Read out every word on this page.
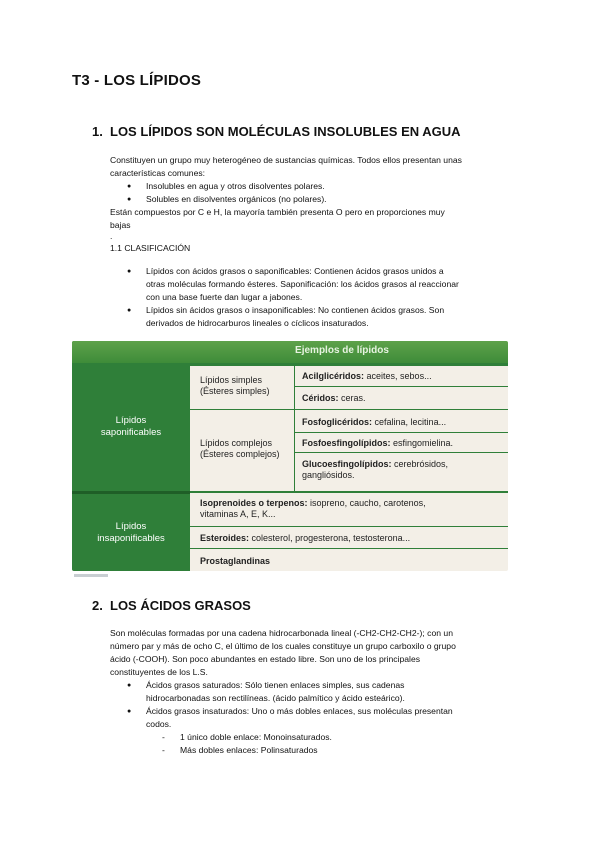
T3 - LOS LÍPIDOS
1. LOS LÍPIDOS SON MOLÉCULAS INSOLUBLES EN AGUA
Constituyen un grupo muy heterogéneo de sustancias químicas. Todos ellos presentan unas
características comunes:
● Insolubles en agua y otros disolventes polares.
● Solubles en disolventes orgánicos (no polares).
Están compuestos por C e H, la mayoría también presenta O pero en proporciones muy
bajas
.
1.1 CLASIFICACIÓN
● Lípidos con ácidos grasos o saponificables: Contienen ácidos grasos unidos a
otras moléculas formando ésteres. Saponificación: los ácidos grasos al reaccionar
con una base fuerte dan lugar a jabones.
● Lípidos sin ácidos grasos o insaponificables: No contienen ácidos grasos. Son
derivados de hidrocarburos lineales o cíclicos insaturados.
Ejemplos de lípidos
Lípidos
saponificables
Lípidos
insaponificables
Lípidos simples
(Ésteres simples)
Lípidos complejos
(Ésteres complejos)
Acilglicéridos: aceites, sebos...
Céridos: ceras.
Fosfoglicéridos: cefalina, lecitina...
Fosfoesfingolípidos: esfingomielina.
Glucoesfingolípidos: cerebrósidos,
gangliósidos.
Isoprenoides o terpenos: isopreno, caucho, carotenos,
vitaminas A, E, K...
Esteroides: colesterol, progesterona, testosterona...
Prostaglandinas
2. LOS ÁCIDOS GRASOS
Son moléculas formadas por una cadena hidrocarbonada lineal (-CH2-CH2-CH2-); con un
número par y más de ocho C, el último de los cuales constituye un grupo carboxilo o grupo
ácido (-COOH). Son poco abundantes en estado libre. Son uno de los principales
constituyentes de los L.S.
● Ácidos grasos saturados: Sólo tienen enlaces simples, sus cadenas
hidrocarbonadas son rectilíneas. (ácido palmítico y ácido esteárico).
● Ácidos grasos insaturados: Uno o más dobles enlaces, sus moléculas presentan
codos.
- 1 único doble enlace: Monoinsaturados.
- Más dobles enlaces: Polinsaturados
